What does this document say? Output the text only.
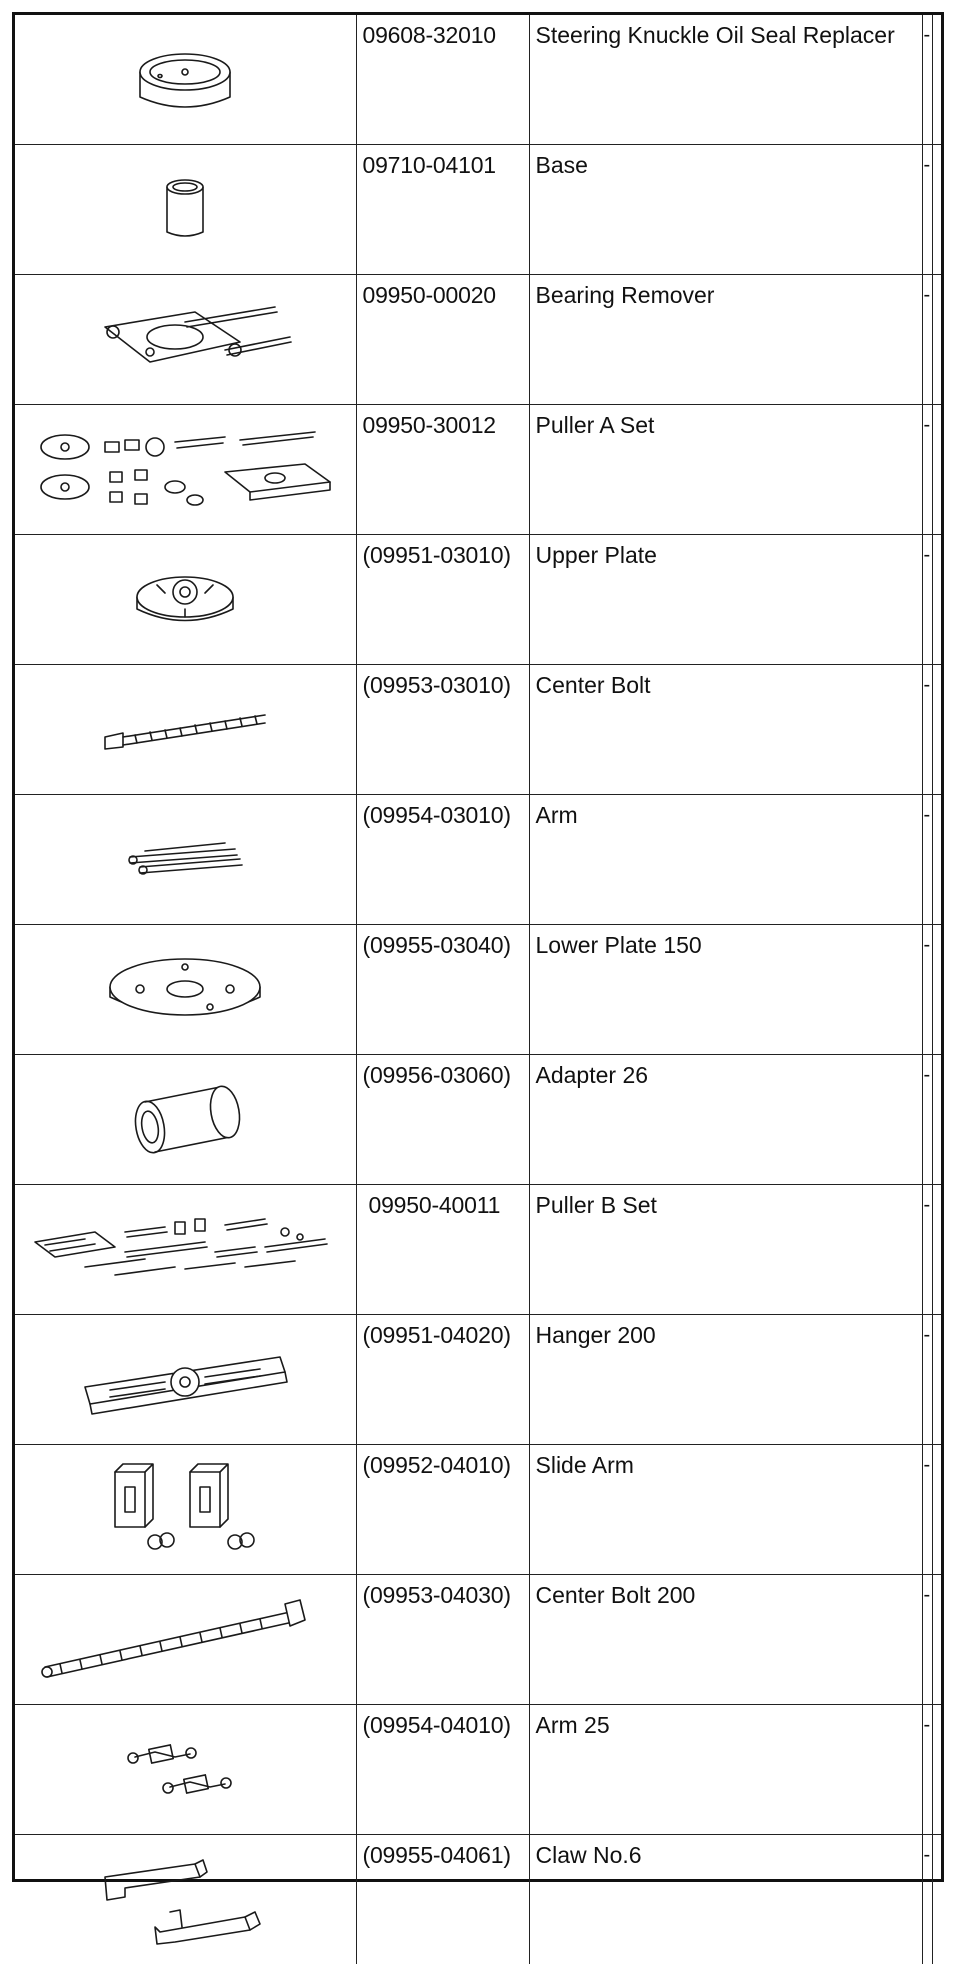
	09608-32010	Steering Knuckle Oil Seal Replacer	-	
	09710-04101	Base	-	
	09950-00020	Bearing Remover	-	
	09950-30012	Puller A Set	-	
	(09951-03010)	Upper Plate	-	
	(09953-03010)	Center Bolt	-	
	(09954-03010)	Arm	-	
	(09955-03040)	Lower Plate 150	-	
	(09956-03060)	Adapter 26	-	
	09950-40011	Puller B Set	-	
	(09951-04020)	Hanger 200	-	
	(09952-04010)	Slide Arm	-	
	(09953-04030)	Center Bolt 200	-	
	(09954-04010)	Arm 25	-	
	(09955-04061)	Claw No.6	-	
